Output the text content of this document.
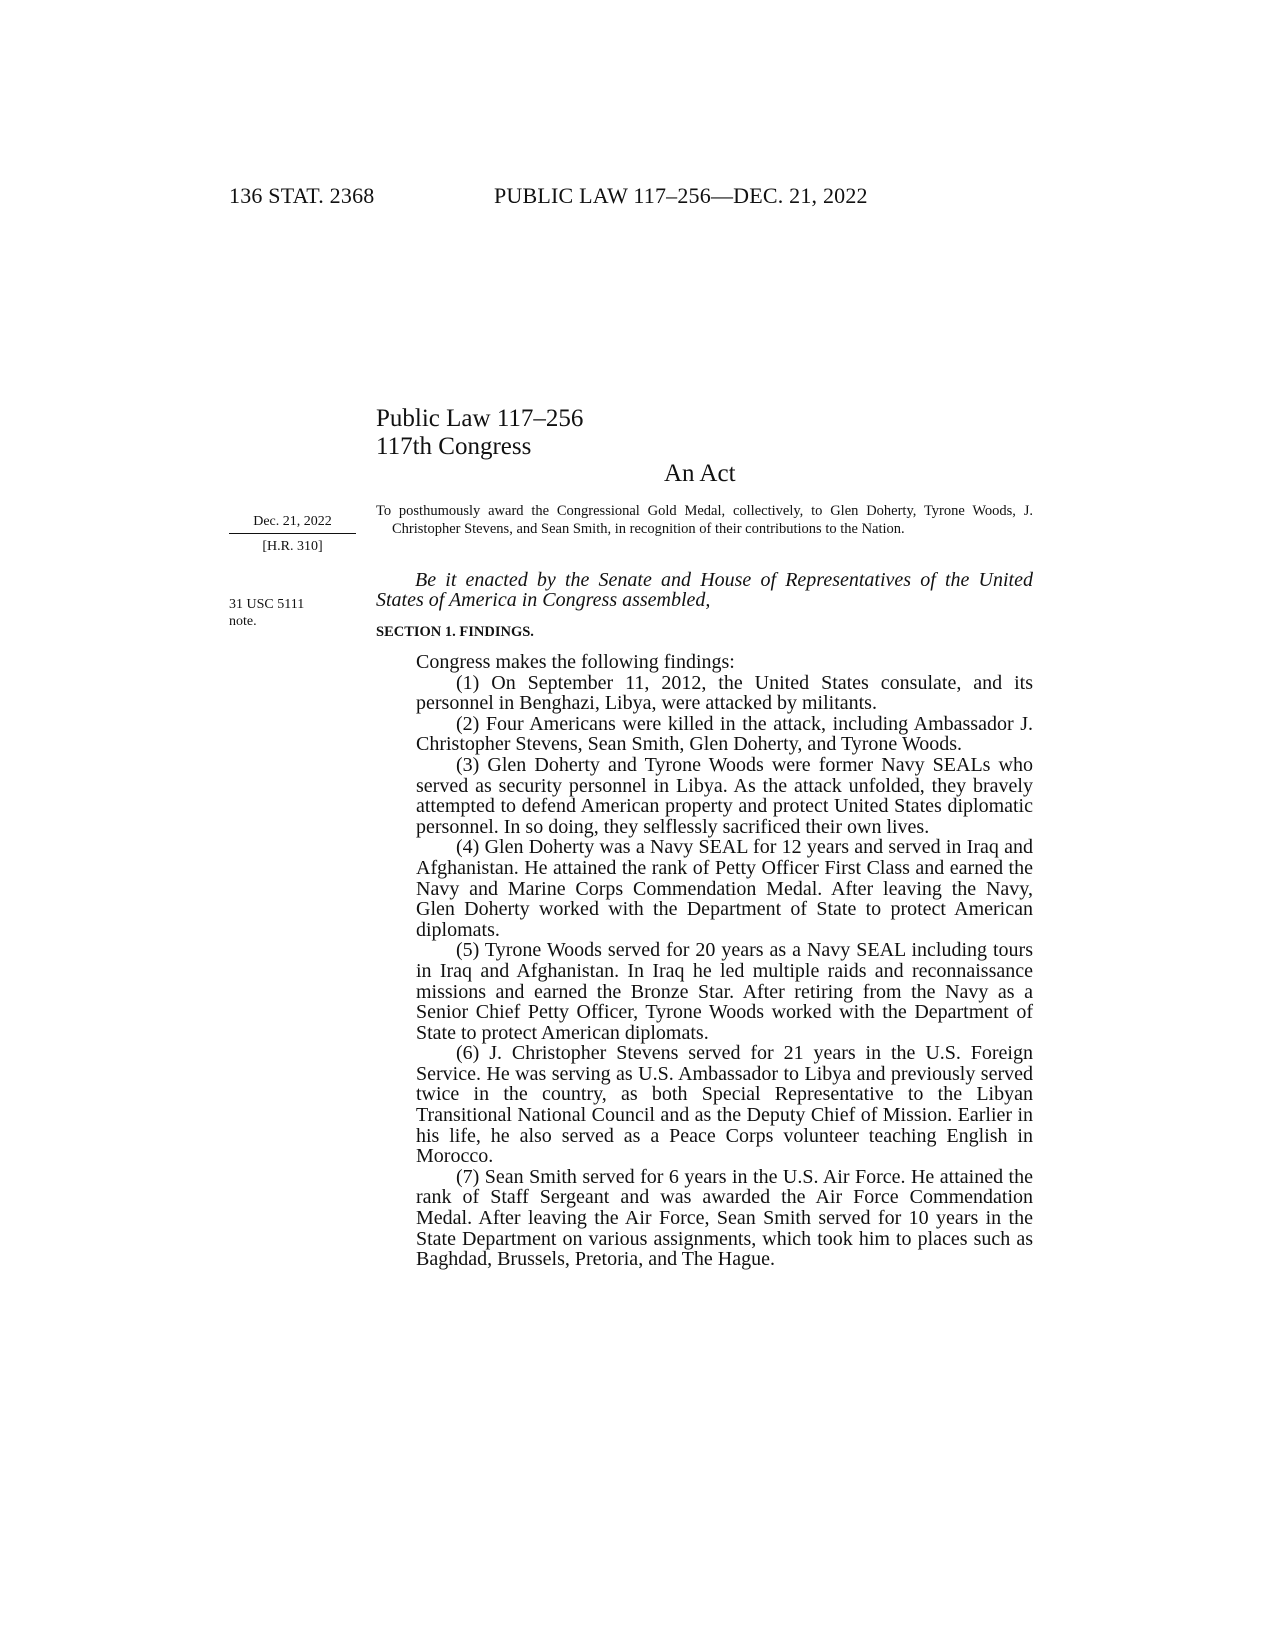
136 STAT. 2368	PUBLIC LAW 117–256—DEC. 21, 2022
Public Law 117–256
117th Congress
An Act
Dec. 21, 2022
[H.R. 310]
31 USC 5111
note.
To posthumously award the Congressional Gold Medal, collectively, to Glen Doherty, Tyrone Woods, J. Christopher Stevens, and Sean Smith, in recognition of their contributions to the Nation.
Be it enacted by the Senate and House of Representatives of the United States of America in Congress assembled,
SECTION 1. FINDINGS.

Congress makes the following findings:

(1) On September 11, 2012, the United States consulate, and its personnel in Benghazi, Libya, were attacked by militants.

(2) Four Americans were killed in the attack, including Ambassador J. Christopher Stevens, Sean Smith, Glen Doherty, and Tyrone Woods.

(3) Glen Doherty and Tyrone Woods were former Navy SEALs who served as security personnel in Libya. As the attack unfolded, they bravely attempted to defend American property and protect United States diplomatic personnel. In so doing, they selflessly sacrificed their own lives.

(4) Glen Doherty was a Navy SEAL for 12 years and served in Iraq and Afghanistan. He attained the rank of Petty Officer First Class and earned the Navy and Marine Corps Commendation Medal. After leaving the Navy, Glen Doherty worked with the Department of State to protect American diplomats.

(5) Tyrone Woods served for 20 years as a Navy SEAL including tours in Iraq and Afghanistan. In Iraq he led multiple raids and reconnaissance missions and earned the Bronze Star. After retiring from the Navy as a Senior Chief Petty Officer, Tyrone Woods worked with the Department of State to protect American diplomats.

(6) J. Christopher Stevens served for 21 years in the U.S. Foreign Service. He was serving as U.S. Ambassador to Libya and previously served twice in the country, as both Special Representative to the Libyan Transitional National Council and as the Deputy Chief of Mission. Earlier in his life, he also served as a Peace Corps volunteer teaching English in Morocco.

(7) Sean Smith served for 6 years in the U.S. Air Force. He attained the rank of Staff Sergeant and was awarded the Air Force Commendation Medal. After leaving the Air Force, Sean Smith served for 10 years in the State Department on various assignments, which took him to places such as Baghdad, Brussels, Pretoria, and The Hague.
